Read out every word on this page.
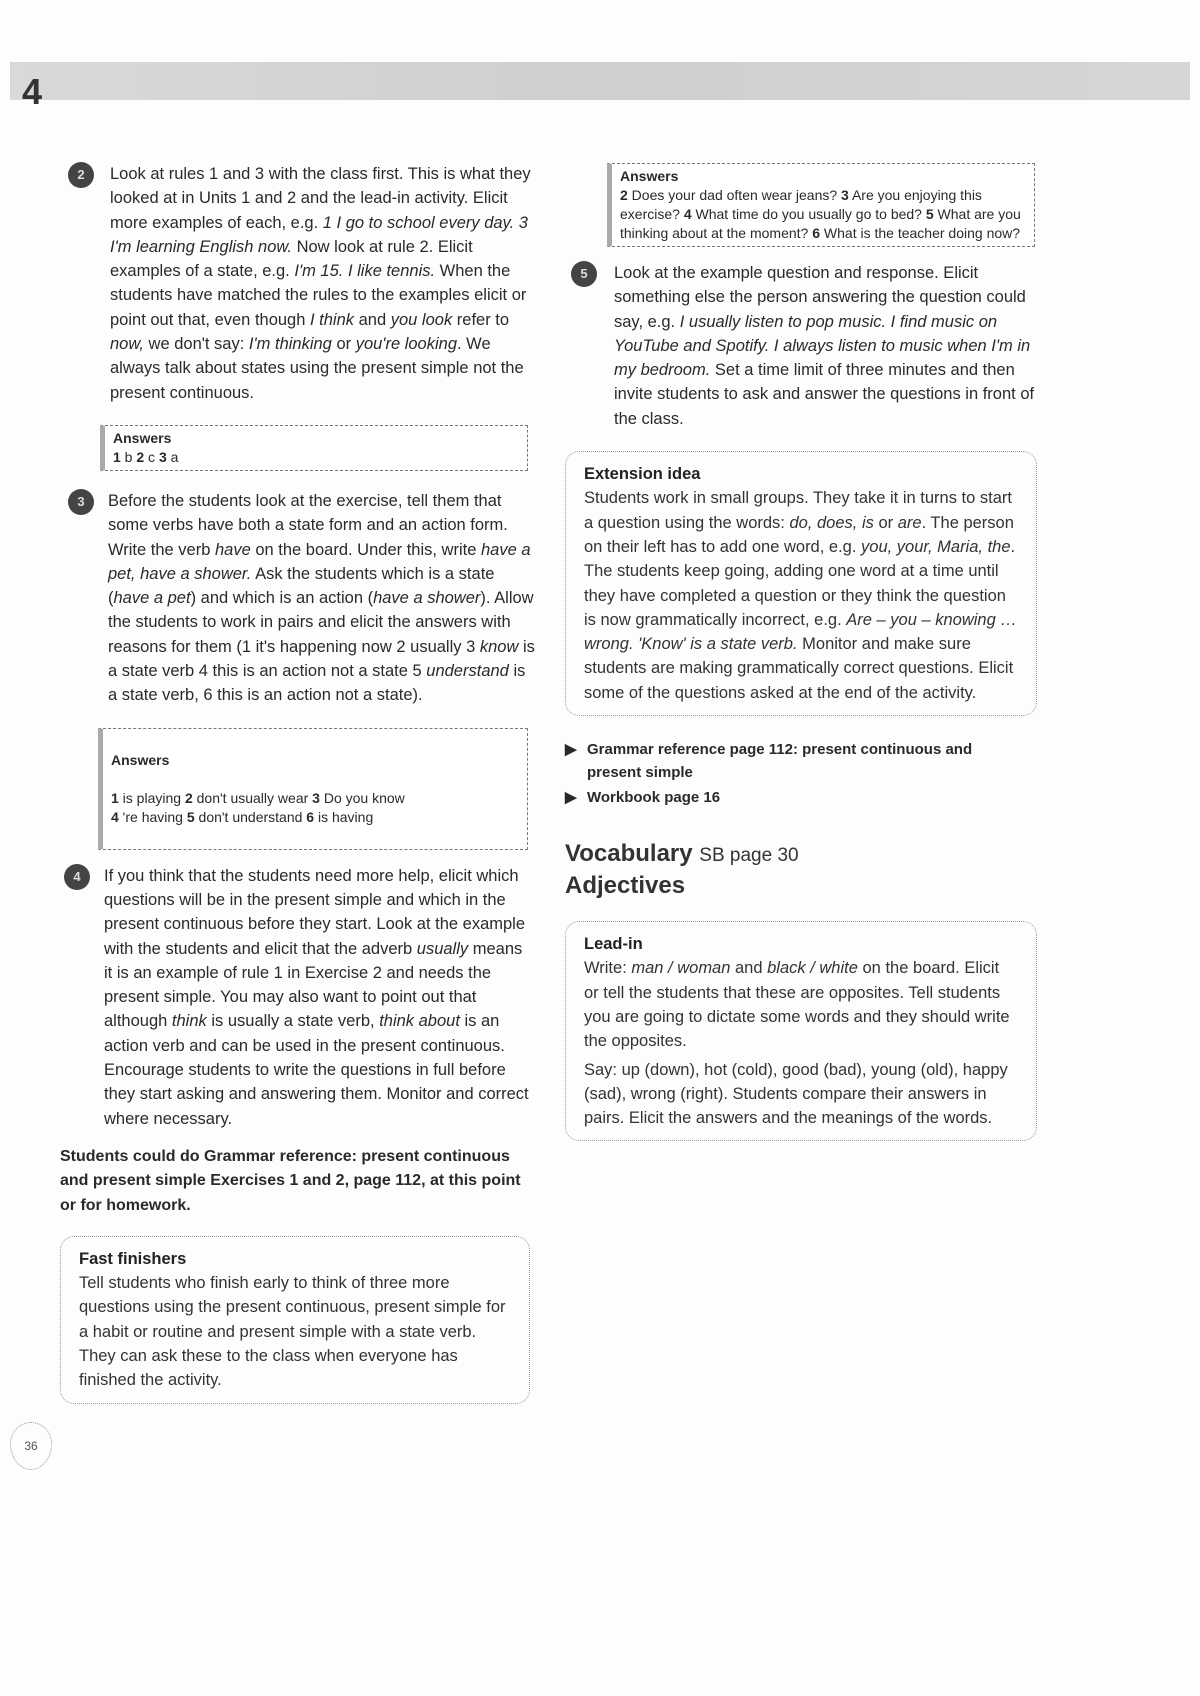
4
2	Look at rules 1 and 3 with the class first. This is what they looked at in Units 1 and 2 and the lead-in activity. Elicit more examples of each, e.g. 1 I go to school every day. 3 I'm learning English now. Now look at rule 2. Elicit examples of a state, e.g. I'm 15. I like tennis. When the students have matched the rules to the examples elicit or point out that, even though I think and you look refer to now, we don't say: I'm thinking or you're looking. We always talk about states using the present simple not the present continuous.
Answers
1 b 2 c 3 a
3	Before the students look at the exercise, tell them that some verbs have both a state form and an action form. Write the verb have on the board. Under this, write have a pet, have a shower. Ask the students which is a state (have a pet) and which is an action (have a shower). Allow the students to work in pairs and elicit the answers with reasons for them (1 it's happening now 2 usually 3 know is a state verb 4 this is an action not a state 5 understand is a state verb, 6 this is an action not a state).

Answers

1 is playing 2 don't usually wear 3 Do you know
4 're having 5 don't understand 6 is having

4	If you think that the students need more help, elicit which questions will be in the present simple and which in the present continuous before they start. Look at the example with the students and elicit that the adverb usually means it is an example of rule 1 in Exercise 2 and needs the present simple. You may also want to point out that although think is usually a state verb, think about is an action verb and can be used in the present continuous. Encourage students to write the questions in full before they start asking and answering them. Monitor and correct where necessary.
Students could do Grammar reference: present continuous and present simple Exercises 1 and 2, page 112, at this point or for homework.
Fast finishers
Tell students who finish early to think of three more questions using the present continuous, present simple for a habit or routine and present simple with a state verb. They can ask these to the class when everyone has finished the activity.
Answers
2 Does your dad often wear jeans? 3 Are you enjoying this exercise? 4 What time do you usually go to bed? 5 What are you thinking about at the moment? 6 What is the teacher doing now?
5	Look at the example question and response. Elicit something else the person answering the question could say, e.g. I usually listen to pop music. I find music on YouTube and Spotify. I always listen to music when I'm in my bedroom. Set a time limit of three minutes and then invite students to ask and answer the questions in front of the class.
Extension idea
Students work in small groups. They take it in turns to start a question using the words: do, does, is or are. The person on their left has to add one word, e.g. you, your, Maria, the. The students keep going, adding one word at a time until they have completed a question or they think the question is now grammatically incorrect, e.g. Are – you – knowing … wrong. 'Know' is a state verb. Monitor and make sure students are making grammatically correct questions. Elicit some of the questions asked at the end of the activity.
▶ Grammar reference page 112: present continuous and present simple
▶ Workbook page 16
Vocabulary SB page 30
Adjectives
Lead-in
Write: man / woman and black / white on the board. Elicit or tell the students that these are opposites. Tell students you are going to dictate some words and they should write the opposites.
Say: up (down), hot (cold), good (bad), young (old), happy (sad), wrong (right). Students compare their answers in pairs. Elicit the answers and the meanings of the words.
36
